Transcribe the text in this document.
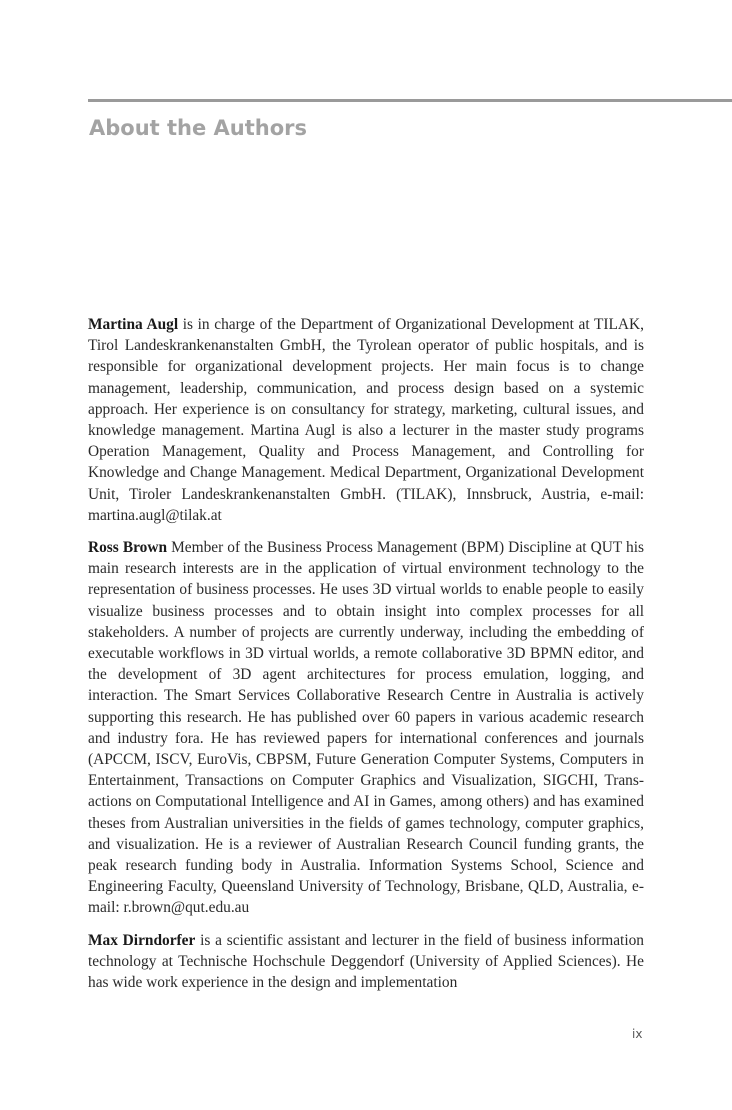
About the Authors

Martina Augl is in charge of the Department of Organizational Development at TILAK, Tirol Landeskrankenanstalten GmbH, the Tyrolean operator of public hospitals, and is responsible for organizational development projects. Her main focus is to change management, leadership, communication, and process design based on a systemic approach. Her experience is on consultancy for strategy, marketing, cultural issues, and knowledge management. Martina Augl is also a lecturer in the master study programs Operation Management, Quality and Process Management, and Controlling for Knowledge and Change Management. Medical Department, Organizational Development Unit, Tiroler Landeskrankenanstalten GmbH. (TILAK), Innsbruck, Austria, e-mail: martina.augl@tilak.at

Ross Brown Member of the Business Process Management (BPM) Discipline at QUT his main research interests are in the application of virtual environment technology to the representation of business processes. He uses 3D virtual worlds to enable people to easily visualize business processes and to obtain insight into complex processes for all stakeholders. A number of projects are currently underway, including the embedding of executable workflows in 3D virtual worlds, a remote collaborative 3D BPMN editor, and the development of 3D agent architectures for process emulation, logging, and interaction. The Smart Services Collaborative Research Centre in Australia is actively supporting this research. He has published over 60 papers in various academic research and industry fora. He has reviewed papers for international conferences and journals (APCCM, ISCV, EuroVis, CBPSM, Future Generation Computer Systems, Computers in Entertainment, Transactions on Computer Graphics and Visualization, SIGCHI, Transactions on Computational Intelligence and AI in Games, among others) and has examined theses from Australian universities in the fields of games technology, computer graphics, and visualization. He is a reviewer of Australian Research Council funding grants, the peak research funding body in Australia. Information Systems School, Science and Engineering Faculty, Queensland University of Technology, Brisbane, QLD, Australia, e-mail: r.brown@qut.edu.au

Max Dirndorfer is a scientific assistant and lecturer in the field of business information technology at Technische Hochschule Deggendorf (University of Applied Sciences). He has wide work experience in the design and implementation

ix
